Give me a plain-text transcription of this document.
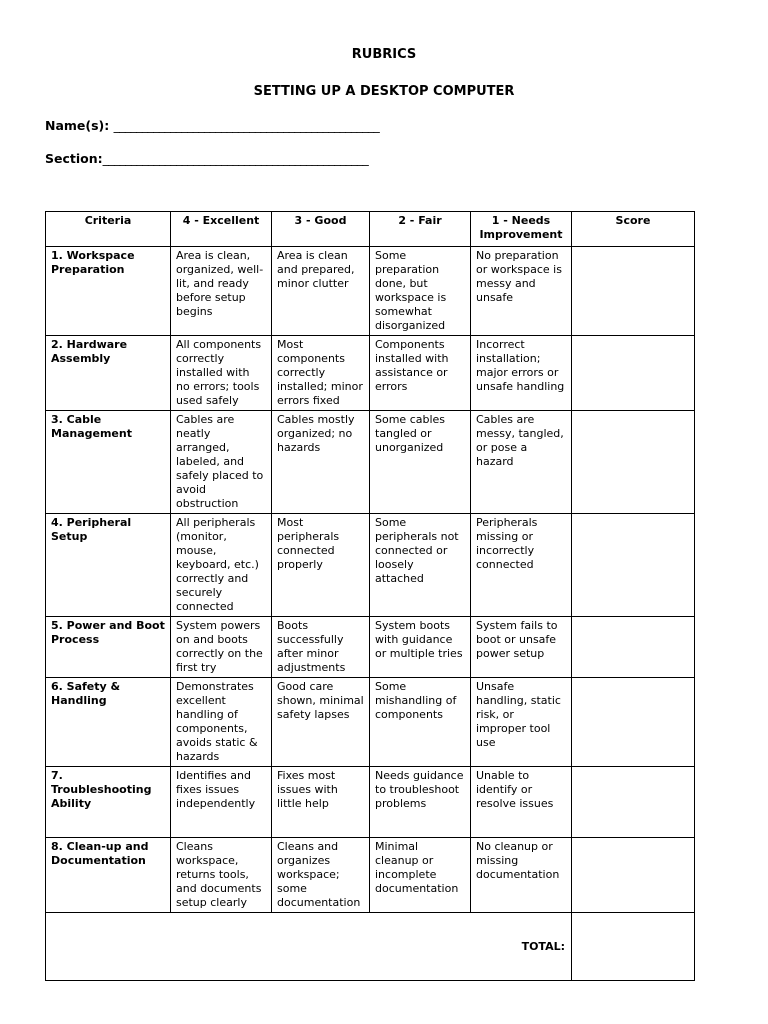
RUBRICS
SETTING UP A DESKTOP COMPUTER
Name(s): _______________________________________________
Section:_______________________________________________
Criteria	4 - Excellent	3 - Good	2 - Fair	1 - Needs Improvement	Score
1. Workspace Preparation	Area is clean, organized, well-lit, and ready before setup begins	Area is clean and prepared, minor clutter	Some preparation done, but workspace is somewhat disorganized	No preparation or workspace is messy and unsafe	
2. Hardware Assembly	All components correctly installed with no errors; tools used safely	Most components correctly installed; minor errors fixed	Components installed with assistance or errors	Incorrect installation; major errors or unsafe handling	
3. Cable Management	Cables are neatly arranged, labeled, and safely placed to avoid obstruction	Cables mostly organized; no hazards	Some cables tangled or unorganized	Cables are messy, tangled, or pose a hazard	
4. Peripheral Setup	All peripherals (monitor, mouse, keyboard, etc.) correctly and securely connected	Most peripherals connected properly	Some peripherals not connected or loosely attached	Peripherals missing or incorrectly connected	
5. Power and Boot Process	System powers on and boots correctly on the first try	Boots successfully after minor adjustments	System boots with guidance or multiple tries	System fails to boot or unsafe power setup	
6. Safety & Handling	Demonstrates excellent handling of components, avoids static & hazards	Good care shown, minimal safety lapses	Some mishandling of components	Unsafe handling, static risk, or improper tool use	
7. Troubleshooting Ability	Identifies and fixes issues independently	Fixes most issues with little help	Needs guidance to troubleshoot problems	Unable to identify or resolve issues	
8. Clean-up and Documentation	Cleans workspace, returns tools, and documents setup clearly	Cleans and organizes workspace; some documentation	Minimal cleanup or incomplete documentation	No cleanup or missing documentation	
TOTAL:					
